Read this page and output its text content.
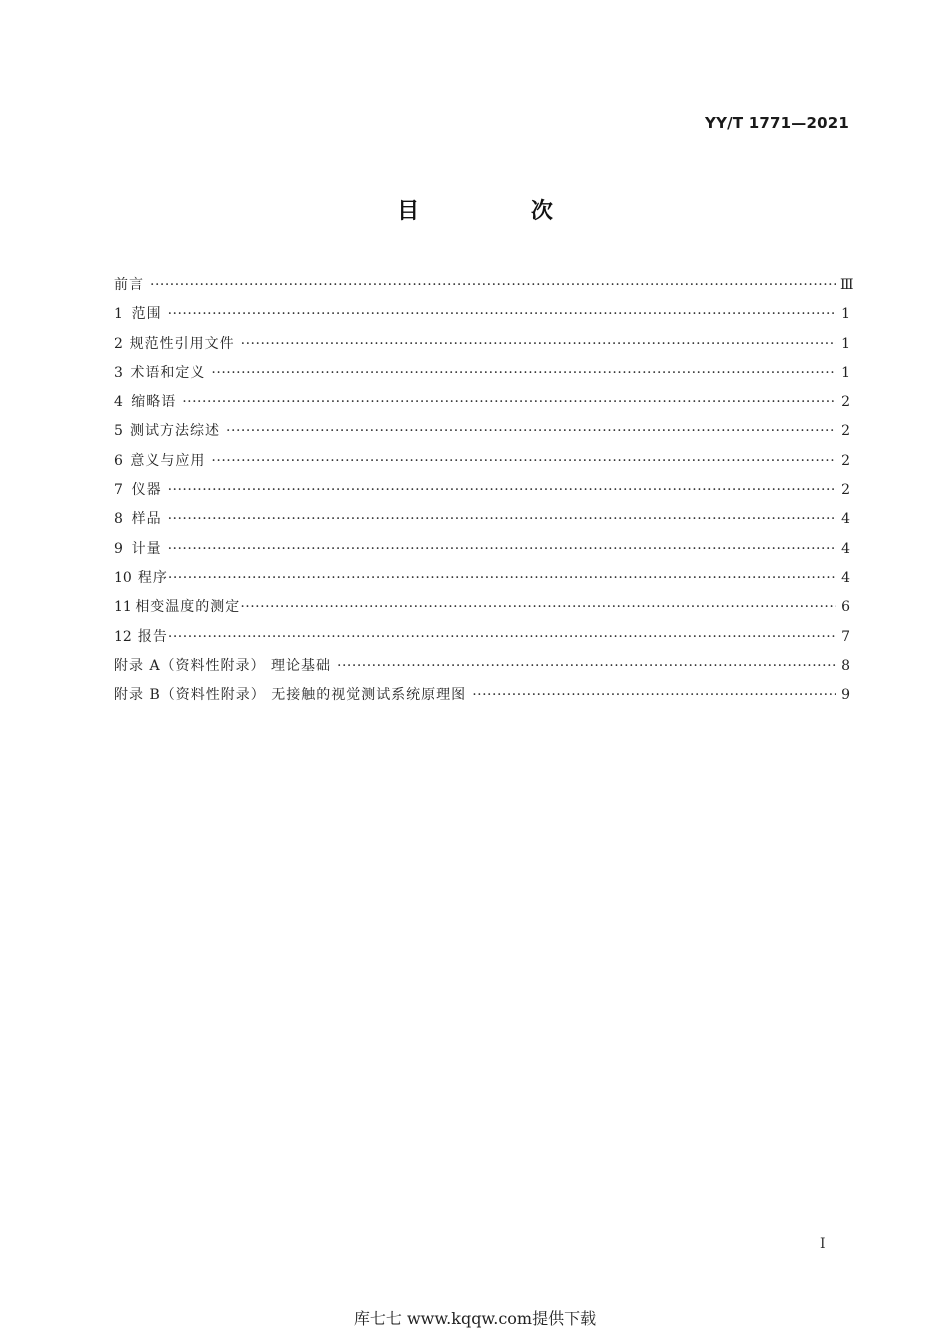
YY/T 1771—2021
目 次
前言 ·····	Ⅲ
1 范围 ·····	1
2 规范性引用文件 ·····	1
3 术语和定义 ·····	1
4 缩略语 ·····	2
5 测试方法综述 ·····	2
6 意义与应用 ·····	2
7 仪器 ·····	2
8 样品 ·····	4
9 计量 ·····	4
10 程序 ·····	4
11 相变温度的测定 ·····	6
12 报告 ·····	7
附录 A（资料性附录） 理论基础 ·····	8
附录 B（资料性附录） 无接触的视觉测试系统原理图 ·····	9
I
库七七 www.kqqw.com提供下载
